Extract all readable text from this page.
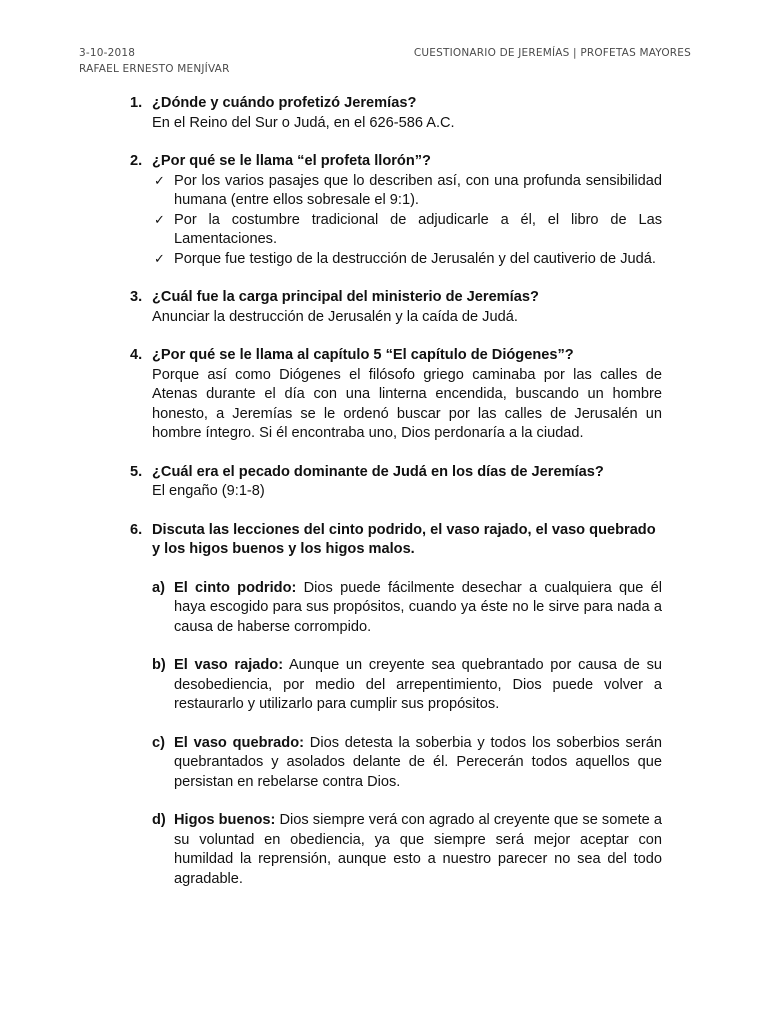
3-10-2018	CUESTIONARIO DE JEREMÍAS | PROFETAS MAYORES
RAFAEL ERNESTO MENJÍVAR
1. ¿Dónde y cuándo profetizó Jeremías?
En el Reino del Sur o Judá, en el 626-586 A.C.
2. ¿Por qué se le llama “el profeta llorón”?
✓ Por los varios pasajes que lo describen así, con una profunda sensibilidad humana (entre ellos sobresale el 9:1).
✓ Por la costumbre tradicional de adjudicarle a él, el libro de Las Lamentaciones.
✓ Porque fue testigo de la destrucción de Jerusalén y del cautiverio de Judá.
3. ¿Cuál fue la carga principal del ministerio de Jeremías?
Anunciar la destrucción de Jerusalén y la caída de Judá.
4. ¿Por qué se le llama al capítulo 5 “El capítulo de Diógenes”?
Porque así como Diógenes el filósofo griego caminaba por las calles de Atenas durante el día con una linterna encendida, buscando un hombre honesto, a Jeremías se le ordenó buscar por las calles de Jerusalén un hombre íntegro. Si él encontraba uno, Dios perdonaría a la ciudad.
5. ¿Cuál era el pecado dominante de Judá en los días de Jeremías?
El engaño (9:1-8)
6. Discuta las lecciones del cinto podrido, el vaso rajado, el vaso quebrado y los higos buenos y los higos malos.
a) El cinto podrido: Dios puede fácilmente desechar a cualquiera que él haya escogido para sus propósitos, cuando ya éste no le sirve para nada a causa de haberse corrompido.
b) El vaso rajado: Aunque un creyente sea quebrantado por causa de su desobediencia, por medio del arrepentimiento, Dios puede volver a restaurarlo y utilizarlo para cumplir sus propósitos.
c) El vaso quebrado: Dios detesta la soberbia y todos los soberbios serán quebrantados y asolados delante de él. Perecerán todos aquellos que persistan en rebelarse contra Dios.
d) Higos buenos: Dios siempre verá con agrado al creyente que se somete a su voluntad en obediencia, ya que siempre será mejor aceptar con humildad la reprensión, aunque esto a nuestro parecer no sea del todo agradable.
